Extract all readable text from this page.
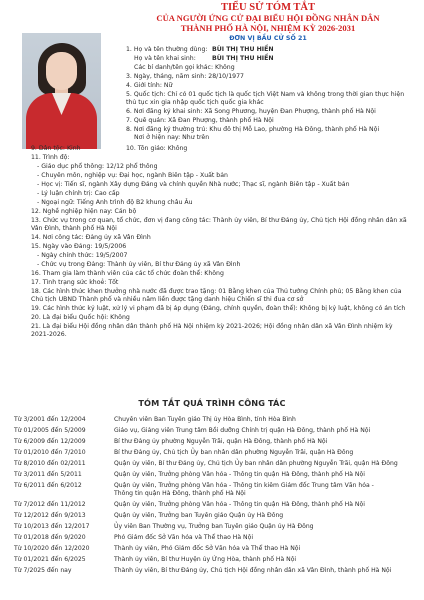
TIỂU SỬ TÓM TẮT
CỦA NGƯỜI ỨNG CỬ ĐẠI BIỂU HỘI ĐỒNG NHÂN DÂN
THÀNH PHỐ HÀ NỘI, NHIỆM KỲ 2026-2031
ĐƠN VỊ BẦU CỬ SỐ 21
1. Họ và tên thường dùng: BÙI THỊ THU HIỀN
Họ và tên khai sinh:	BÙI THỊ THU HIỀN
Các bí danh/tên gọi khác: Không
3. Ngày, tháng, năm sinh: 28/10/1977
4. Giới tính: Nữ
5. Quốc tịch: Chỉ có 01 quốc tịch là quốc tịch Việt Nam và không trong thời gian thực hiện
thủ tục xin gia nhập quốc tịch quốc gia khác
6. Nơi đăng ký khai sinh: Xã Song Phương, huyện Đan Phượng, thành phố Hà Nội
7. Quê quán: Xã Đan Phượng, thành phố Hà Nội
8. Nơi đăng ký thường trú: Khu đô thị Mỗ Lao, phường Hà Đông, thành phố Hà Nội
Nơi ở hiện nay: Như trên
9. Dân tộc: Kinh	10. Tôn giáo: Không
11. Trình độ:
- Giáo dục phổ thông: 12/12 phổ thông
- Chuyên môn, nghiệp vụ: Đại học, ngành Biên tập - Xuất bản
- Học vị: Tiến sĩ, ngành Xây dựng Đảng và chính quyền Nhà nước; Thạc sĩ, ngành Biên tập - Xuất bản
- Lý luận chính trị: Cao cấp
- Ngoại ngữ: Tiếng Anh trình độ B2 khung châu Âu
12. Nghề nghiệp hiện nay: Cán bộ
13. Chức vụ trong cơ quan, tổ chức, đơn vị đang công tác: Thành ủy viên, Bí thư Đảng ủy, Chủ tịch Hội đồng nhân dân xã
Vân Đình, thành phố Hà Nội
14. Nơi công tác: Đảng ủy xã Vân Đình
15. Ngày vào Đảng: 19/5/2006
- Ngày chính thức: 19/5/2007
- Chức vụ trong Đảng: Thành ủy viên, Bí thư Đảng ủy xã Vân Đình
16. Tham gia làm thành viên của các tổ chức đoàn thể: Không
17. Tình trạng sức khoẻ: Tốt
18. Các hình thức khen thưởng nhà nước đã được trao tặng: 01 Bằng khen của Thủ tướng Chính phủ; 05 Bằng khen của
Chủ tịch UBND Thành phố và nhiều năm liền được tặng danh hiệu Chiến sĩ thi đua cơ sở
19. Các hình thức kỷ luật, xử lý vi phạm đã bị áp dụng (Đảng, chính quyền, đoàn thể): Không bị kỷ luật, không có án tích
20. Là đại biểu Quốc hội: Không
21. Là đại biểu Hội đồng nhân dân thành phố Hà Nội nhiệm kỳ 2021-2026; Hội đồng nhân dân xã Vân Đình nhiệm kỳ
2021-2026.
TÓM TẮT QUÁ TRÌNH CÔNG TÁC
Từ 3/2001 đến 12/2004	Chuyên viên Ban Tuyên giáo Thị ủy Hòa Bình, tỉnh Hòa Bình
Từ 01/2005 đến 5/2009	Giáo vụ, Giảng viên Trung tâm Bồi dưỡng Chính trị quận Hà Đông, thành phố Hà Nội
Từ 6/2009 đến 12/2009	Bí thư Đảng ủy phường Nguyễn Trãi, quận Hà Đông, thành phố Hà Nội
Từ 01/2010 đến 7/2010	Bí thư Đảng ủy, Chủ tịch Ủy ban nhân dân phường Nguyễn Trãi, quận Hà Đông
Từ 8/2010 đến 02/2011	Quận ủy viên, Bí thư Đảng ủy, Chủ tịch Ủy ban nhân dân phường Nguyễn Trãi, quận Hà Đông
Từ 3/2011 đến 5/2011	Quận ủy viên, Trưởng phòng Văn hóa - Thông tin quận Hà Đông, thành phố Hà Nội
Từ 6/2011 đến 6/2012	Quận ủy viên, Trưởng phòng Văn hóa - Thông tin kiêm Giám đốc Trung tâm Văn hóa -
Thông tin quận Hà Đông, thành phố Hà Nội
Từ 7/2012 đến 11/2012	Quận ủy viên, Trưởng phòng Văn hóa - Thông tin quận Hà Đông, thành phố Hà Nội
Từ 12/2012 đến 9/2013	Quận ủy viên, Trưởng ban Tuyên giáo Quận ủy Hà Đông
Từ 10/2013 đến 12/2017	Ủy viên Ban Thường vụ, Trưởng ban Tuyên giáo Quận ủy Hà Đông
Từ 01/2018 đến 9/2020	Phó Giám đốc Sở Văn hóa và Thể thao Hà Nội
Từ 10/2020 đến 12/2020	Thành ủy viên, Phó Giám đốc Sở Văn hóa và Thể thao Hà Nội
Từ 01/2021 đến 6/2025	Thành ủy viên, Bí thư Huyện ủy Ứng Hòa, thành phố Hà Nội
Từ 7/2025 đến nay	Thành ủy viên, Bí thư Đảng ủy, Chủ tịch Hội đồng nhân dân xã Vân Đình, thành phố Hà Nội
